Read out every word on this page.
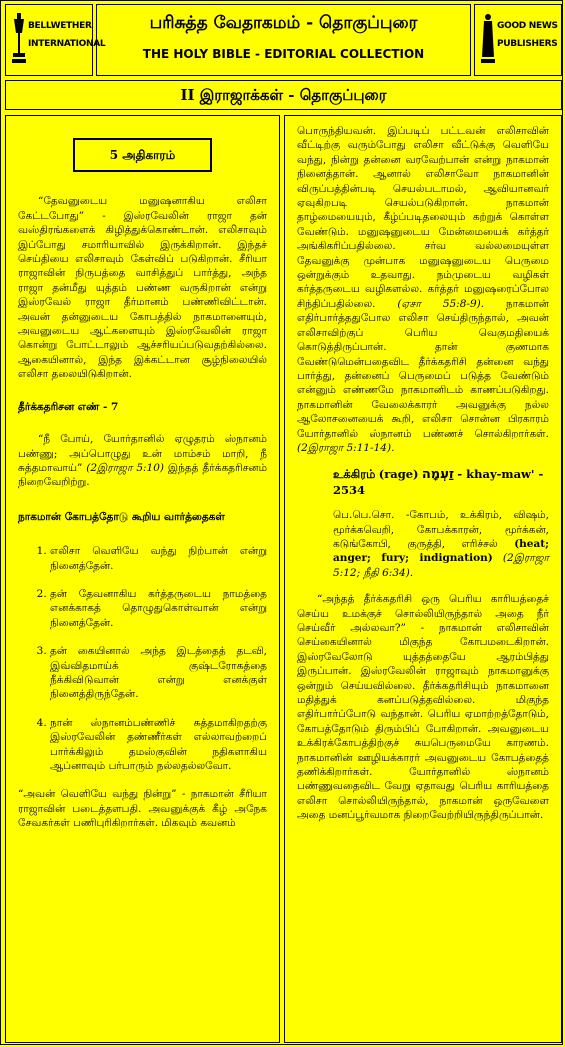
BELLWETHER INTERNATIONAL
பரிசுத்த வேதாகமம் - தொகுப்புரை
THE HOLY BIBLE - EDITORIAL COLLECTION
GOOD NEWS PUBLISHERS
II இராஜாக்கள் - தொகுப்புரை
5 அதிகாரம்

“தேவனுடைய மனுஷனாகிய எலிசா கேட்டபோது” - இஸ்ரவேலின் ராஜா தன் வஸ்திரங்களைக் கிழித்துக்கொண்டான். எலிசாவும் இப்போது சமாரியாவில் இருக்கிறான். இந்தச் செய்தியை எலிசாவும் கேள்விப் படுகிறான். சீரியா ராஜாவின் நிருபத்தை வாசித்துப் பார்த்து, அந்த ராஜா தன்மீது யுத்தம் பண்ண வருகிறான் என்று இஸ்ரவேல் ராஜா தீர்மானம் பண்ணிவிட்டான். அவன் தன்னுடைய கோபத்தில் நாகமானையும், அவனுடைய ஆட்களையும் இஸ்ரவேலின் ராஜா கொன்று போட்டாலும் ஆச்சரியப்படுவதற்கில்லை. ஆகையினால், இந்த இக்கட்டான சூழ்நிலையில் எலிசா தலையிடுகிறான்.

தீர்க்கதரிசன எண் - 7

“நீ போய், யோர்தானில் ஏழுதரம் ஸ்நானம் பண்ணு; அப்பொழுது உன் மாம்சம் மாறி, நீ சுத்தமாவாய்” (2இராஜா 5:10) இந்தத் தீர்க்கதரிசனம் நிறைவேறிற்று.

நாகமான் கோபத்தோடு கூறிய வார்த்தைகள்
1. எலிசா வெளியே வந்து நிற்பான் என்று நினைத்தேன்.
2. தன் தேவனாகிய கர்த்தருடைய நாமத்தை எனக்காகத் தொழுதுகொள்வான் என்று நினைத்தேன்.
3. தன் கையினால் அந்த இடத்தைத் தடவி, இவ்விதமாய்க் குஷ்டரோகத்தை நீக்கிவிடுவான் என்று எனக்குள் நினைத்திருந்தேன்.
4. நான் ஸ்நானம்பண்ணிச் சுத்தமாகிறதற்கு இஸ்ரவேலின் தண்ணீர்கள் எல்லாவற்றைப் பார்க்கிலும் தமஸ்குவின் நதிகளாகிய ஆப்னாவும் பர்பாரும் நல்லதல்லவோ.

“அவன் வெளியே வந்து நின்று” - நாகமான் சீரியா ராஜாவின் படைத்தளபதி. அவனுக்குக் கீழ் அநேக சேவகர்கள் பணிபுரிகிறார்கள். மிகவும் கவனம்

பொருந்தியவன். இப்படிப் பட்டவன் எலிசாவின் வீட்டிற்கு வரும்போது எலிசா வீட்டுக்கு வெளியே வந்து, நின்று தன்னை வரவேற்பான் என்று நாகமான் நினைத்தான். ஆனால் எலிசாவோ நாகமானின் விருப்பத்தின்படி செயல்படாமல், ஆவியானவர் ஏவுகிறபடி செயல்படுகிறான். நாகமான் தாழ்மையையும், கீழ்ப்படிதலையும் கற்றுக் கொள்ள வேண்டும். மனுஷனுடைய மேன்மையைக் கர்த்தர் அங்கிகரிப்பதில்லை. சர்வ வல்லமையுள்ள தேவனுக்கு முன்பாக மனுஷனுடைய பெருமை ஒன்றுக்கும் உதவாது. நம்முடைய வழிகள் கர்த்தருடைய வழிகளல்ல. கர்த்தர் மனுஷரைப்போல சிந்திப்பதில்லை. (ஏசா 55:8-9). நாகமான் எதிர்பார்த்ததுபோல எலிசா செய்திருந்தால், அவன் எலிசாவிற்குப் பெரிய வெகுமதியைக் கொடுத்திருப்பான். தான் குணமாக வேண்டுமென்பதைவிட தீர்க்கதரிசி தன்னை வந்து பார்த்து, தன்னைப் பெருமைப் படுத்த வேண்டும் என்னும் எண்ணமே நாகமானிடம் காணப்படுகிறது. நாகமானின் வேலைக்காரர் அவனுக்கு நல்ல ஆலோசனையைக் கூறி, எலிசா சொன்ன பிரகாரம் யோர்தானில் ஸ்நானம் பண்ணச் சொல்கிறார்கள். (2இராஜா 5:11-14).

உக்கிரம் (rage) זַעְמָה - khay-maw' - 2534
பெ.பெ.சொ. -கோபம், உக்கிரம், விஷம், மூர்க்கவெறி, கோபக்காரன், மூர்க்கன், கடுங்கோபி, குருத்தி, எரிச்சல் (heat; anger; fury; indignation) (2இராஜா 5:12; நீதி 6:34).

“அந்தத் தீர்க்கதரிசி ஒரு பெரிய காரியத்தைச் செய்ய உமக்குச் சொல்லியிருந்தால் அதை நீர் செய்வீர் அல்லவா?” - நாகமான் எலிசாவின் செய்கையினால் மிகுந்த கோபமடைகிறான். இஸ்ரவேலோடு யுத்தத்தையே ஆரம்பித்து இருப்பான். இஸ்ரவேலின் ராஜாவும் நாகமானுக்கு ஒன்றும் செய்யவில்லை. தீர்க்கதரிசியும் நாகமானை மதித்துக் கனப்படுத்தவில்லை. மிகுந்த எதிர்பார்ப்போடு வந்தான். பெரிய ஏமாற்றத்தோடும், கோபத்தோடும் திரும்பிப் போகிறான். அவனுடைய உக்கிரக்கோபத்திற்குச் சுயபெருமையே காரணம். நாகமானின் ஊழியக்காரர் அவனுடைய கோபத்தைத் தணிக்கிறார்கள். யோர்தானில் ஸ்நானம் பண்ணுவதைவிட வேறு ஏதாவது பெரிய காரியத்தை எலிசா சொல்லியிருந்தால், நாகமான் ஒருவேளை அதை மனப்பூர்வமாக நிறைவேற்றியிருந்திருப்பான்.
